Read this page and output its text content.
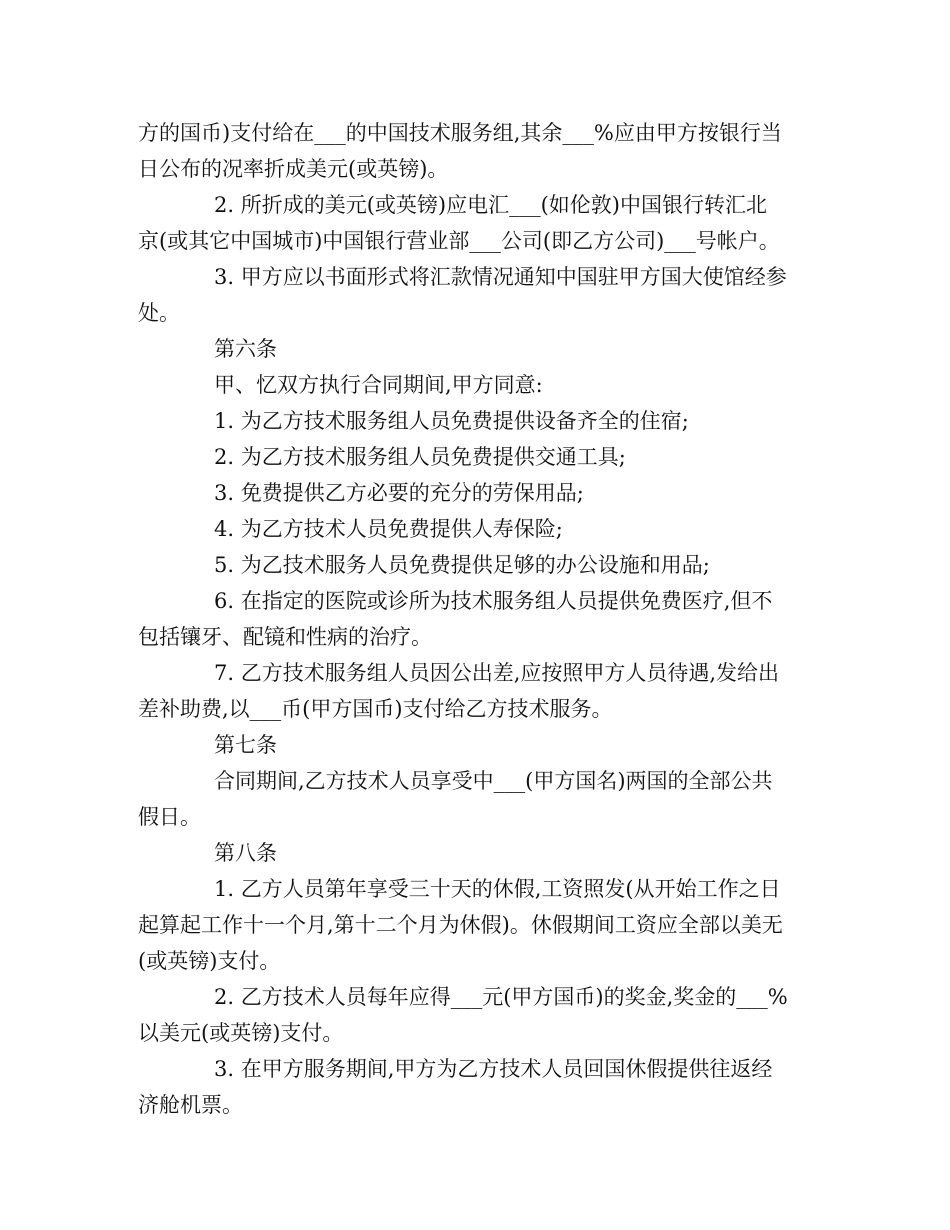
方的国币)支付给在___的中国技术服务组,其余___%应由甲方按银行当
日公布的况率折成美元(或英镑)。
2. 所折成的美元(或英镑)应电汇___(如伦敦)中国银行转汇北
京(或其它中国城市)中国银行营业部___公司(即乙方公司)___号帐户。
3. 甲方应以书面形式将汇款情况通知中国驻甲方国大使馆经参
处。
第六条
甲、忆双方执行合同期间,甲方同意:
1. 为乙方技术服务组人员免费提供设备齐全的住宿;
2. 为乙方技术服务组人员免费提供交通工具;
3. 免费提供乙方必要的充分的劳保用品;
4. 为乙方技术人员免费提供人寿保险;
5. 为乙技术服务人员免费提供足够的办公设施和用品;
6. 在指定的医院或诊所为技术服务组人员提供免费医疗,但不
包括镶牙、配镜和性病的治疗。
7. 乙方技术服务组人员因公出差,应按照甲方人员待遇,发给出
差补助费,以___币(甲方国币)支付给乙方技术服务。
第七条
合同期间,乙方技术人员享受中___(甲方国名)两国的全部公共
假日。
第八条
1. 乙方人员第年享受三十天的休假,工资照发(从开始工作之日
起算起工作十一个月,第十二个月为休假)。休假期间工资应全部以美无
(或英镑)支付。
2. 乙方技术人员每年应得___元(甲方国币)的奖金,奖金的___%
以美元(或英镑)支付。
3. 在甲方服务期间,甲方为乙方技术人员回国休假提供往返经
济舱机票。
